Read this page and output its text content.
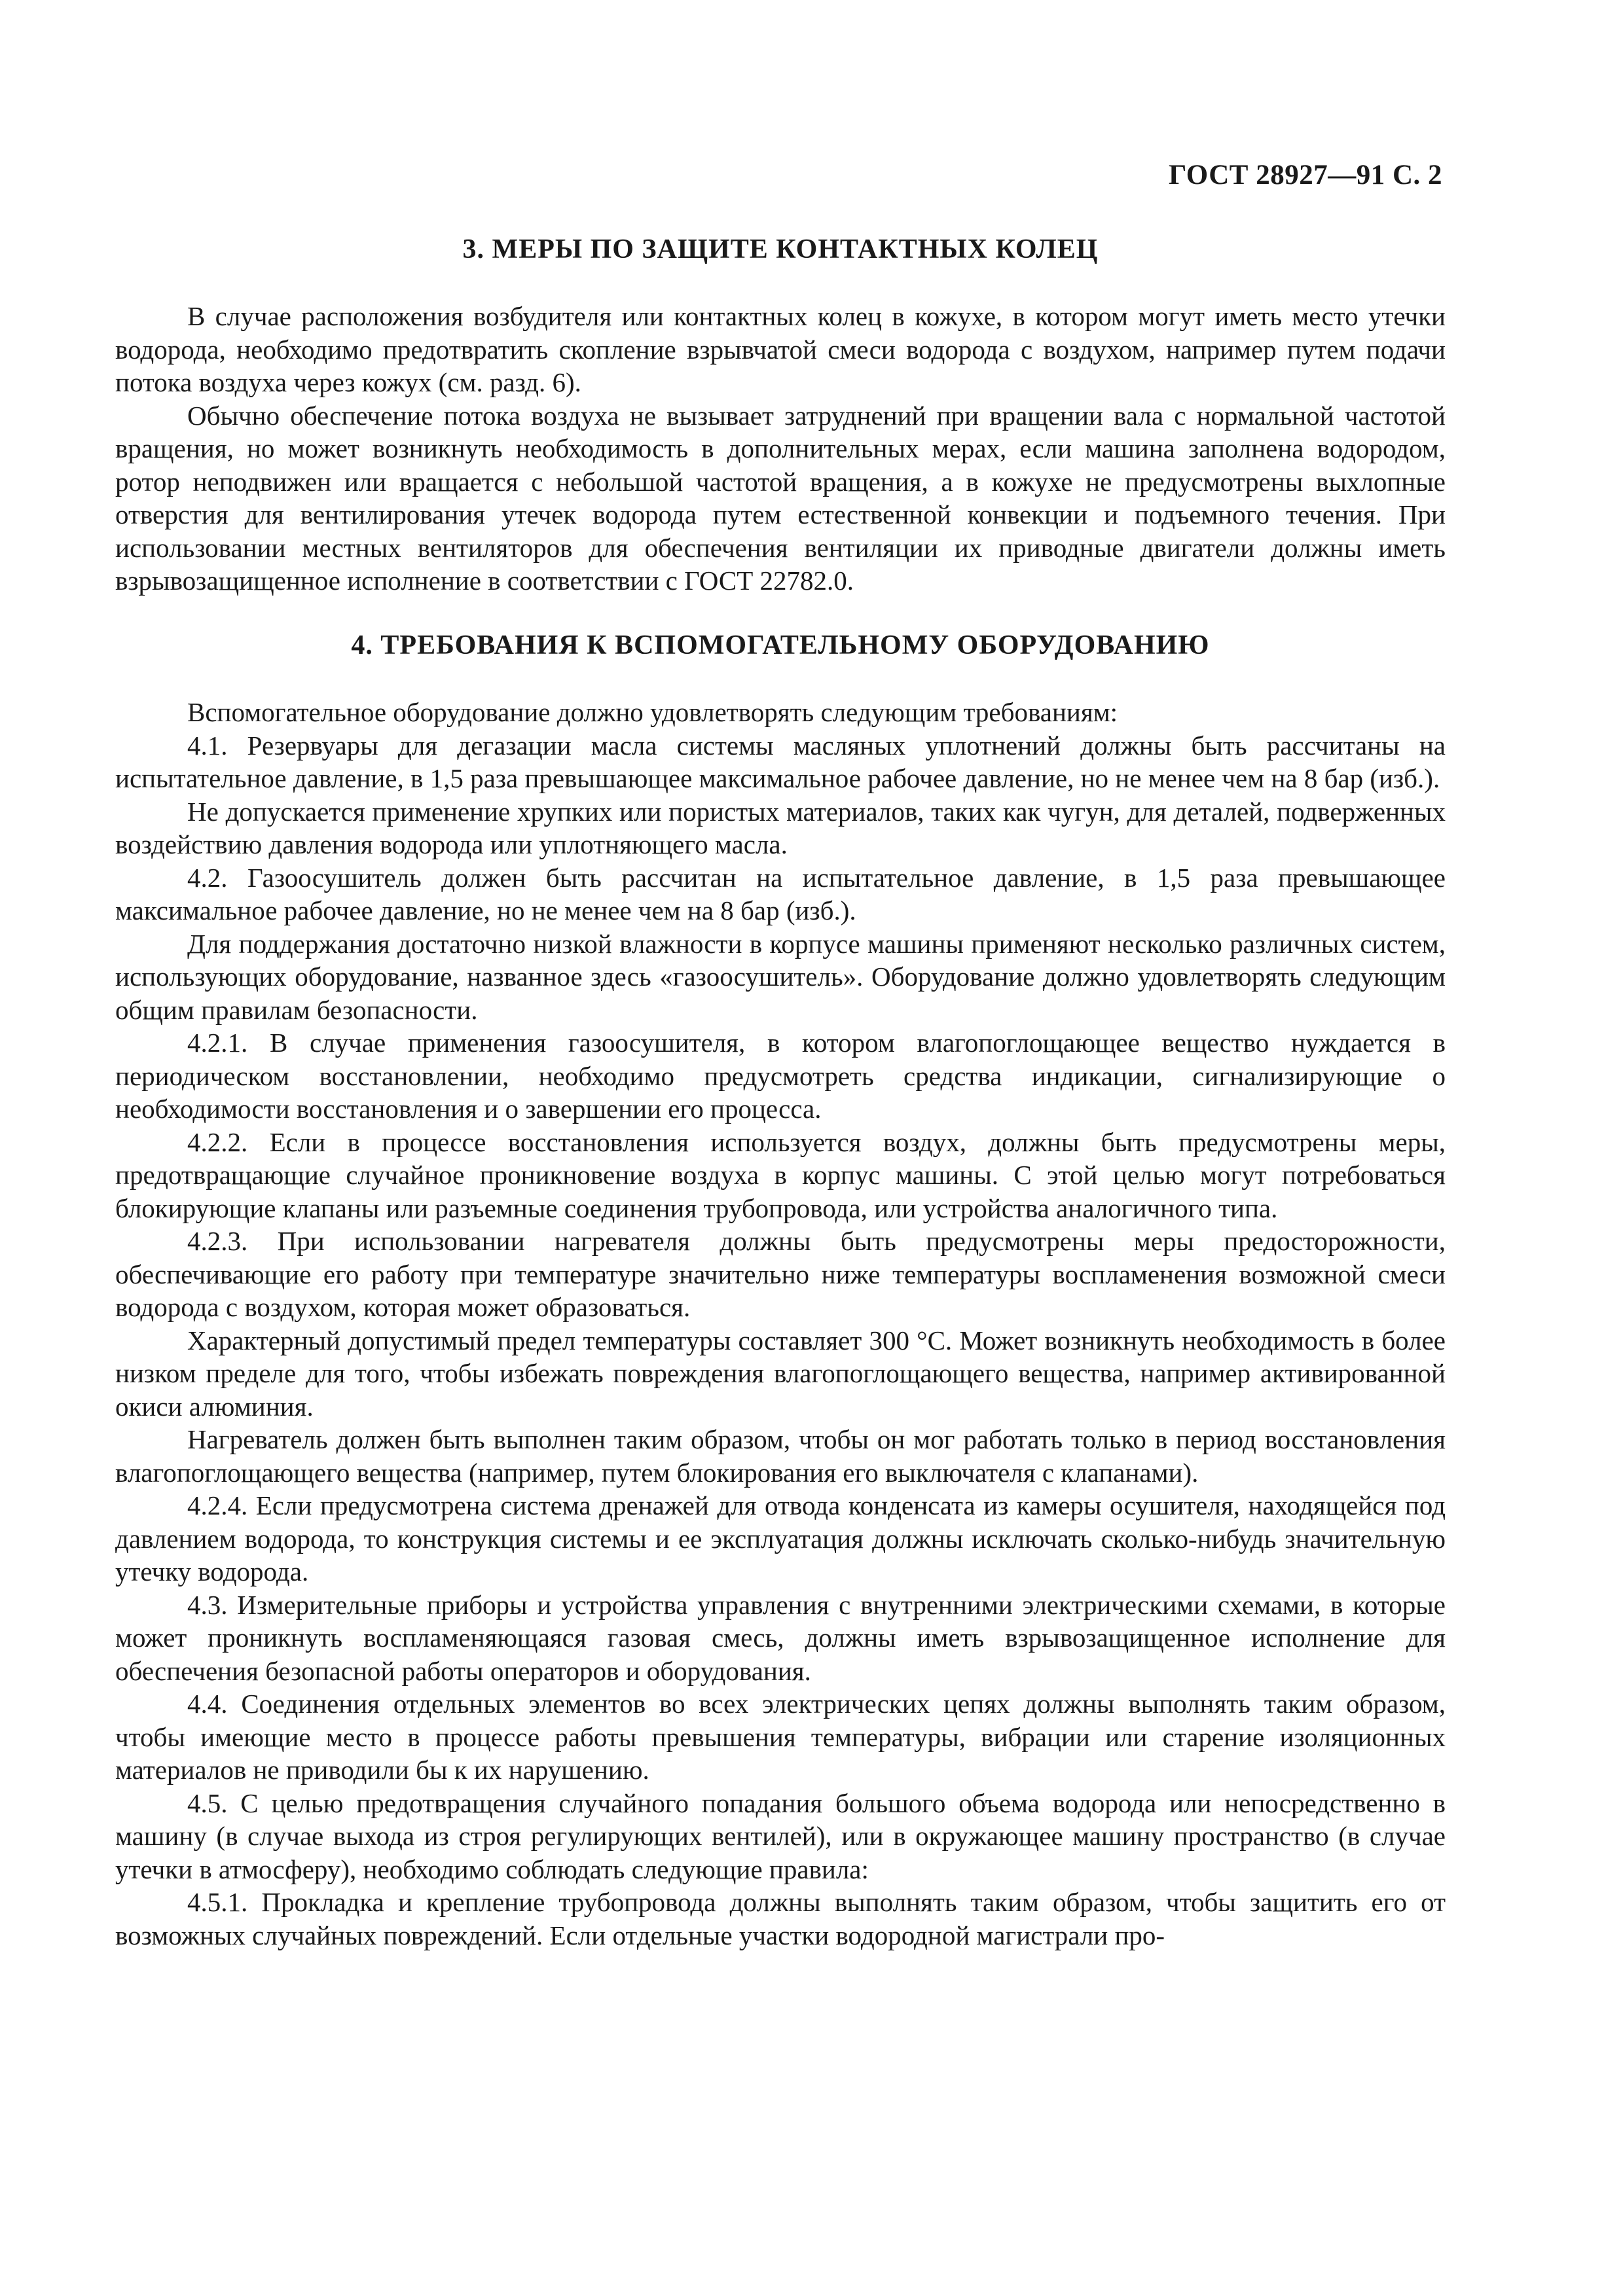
ГОСТ 28927—91 С. 2
3. МЕРЫ ПО ЗАЩИТЕ КОНТАКТНЫХ КОЛЕЦ

В случае расположения возбудителя или контактных колец в кожухе, в котором могут иметь место утечки водорода, необходимо предотвратить скопление взрывчатой смеси водорода с воздухом, например путем подачи потока воздуха через кожух (см. разд. 6).

Обычно обеспечение потока воздуха не вызывает затруднений при вращении вала с нормальной частотой вращения, но может возникнуть необходимость в дополнительных мерах, если машина заполнена водородом, ротор неподвижен или вращается с небольшой частотой вращения, а в кожухе не предусмотрены выхлопные отверстия для вентилирования утечек водорода путем естественной конвекции и подъемного течения. При использовании местных вентиляторов для обеспечения вентиляции их приводные двигатели должны иметь взрывозащищенное исполнение в соответствии с ГОСТ 22782.0.

4. ТРЕБОВАНИЯ К ВСПОМОГАТЕЛЬНОМУ ОБОРУДОВАНИЮ

Вспомогательное оборудование должно удовлетворять следующим требованиям:

4.1. Резервуары для дегазации масла системы масляных уплотнений должны быть рассчитаны на испытательное давление, в 1,5 раза превышающее максимальное рабочее давление, но не менее чем на 8 бар (изб.).

Не допускается применение хрупких или пористых материалов, таких как чугун, для деталей, подверженных воздействию давления водорода или уплотняющего масла.

4.2. Газоосушитель должен быть рассчитан на испытательное давление, в 1,5 раза превышающее максимальное рабочее давление, но не менее чем на 8 бар (изб.).

Для поддержания достаточно низкой влажности в корпусе машины применяют несколько различных систем, использующих оборудование, названное здесь «газоосушитель». Оборудование должно удовлетворять следующим общим правилам безопасности.

4.2.1. В случае применения газоосушителя, в котором влагопоглощающее вещество нуждается в периодическом восстановлении, необходимо предусмотреть средства индикации, сигнализирующие о необходимости восстановления и о завершении его процесса.

4.2.2. Если в процессе восстановления используется воздух, должны быть предусмотрены меры, предотвращающие случайное проникновение воздуха в корпус машины. С этой целью могут потребоваться блокирующие клапаны или разъемные соединения трубопровода, или устройства аналогичного типа.

4.2.3. При использовании нагревателя должны быть предусмотрены меры предосторожности, обеспечивающие его работу при температуре значительно ниже температуры воспламенения возможной смеси водорода с воздухом, которая может образоваться.

Характерный допустимый предел температуры составляет 300 °С. Может возникнуть необходимость в более низком пределе для того, чтобы избежать повреждения влагопоглощающего вещества, например активированной окиси алюминия.

Нагреватель должен быть выполнен таким образом, чтобы он мог работать только в период восстановления влагопоглощающего вещества (например, путем блокирования его выключателя с клапанами).

4.2.4. Если предусмотрена система дренажей для отвода конденсата из камеры осушителя, находящейся под давлением водорода, то конструкция системы и ее эксплуатация должны исключать сколько-нибудь значительную утечку водорода.

4.3. Измерительные приборы и устройства управления с внутренними электрическими схемами, в которые может проникнуть воспламеняющаяся газовая смесь, должны иметь взрывозащищенное исполнение для обеспечения безопасной работы операторов и оборудования.

4.4. Соединения отдельных элементов во всех электрических цепях должны выполнять таким образом, чтобы имеющие место в процессе работы превышения температуры, вибрации или старение изоляционных материалов не приводили бы к их нарушению.

4.5. С целью предотвращения случайного попадания большого объема водорода или непосредственно в машину (в случае выхода из строя регулирующих вентилей), или в окружающее машину пространство (в случае утечки в атмосферу), необходимо соблюдать следующие правила:

4.5.1. Прокладка и крепление трубопровода должны выполнять таким образом, чтобы защитить его от возможных случайных повреждений. Если отдельные участки водородной магистрали про-
